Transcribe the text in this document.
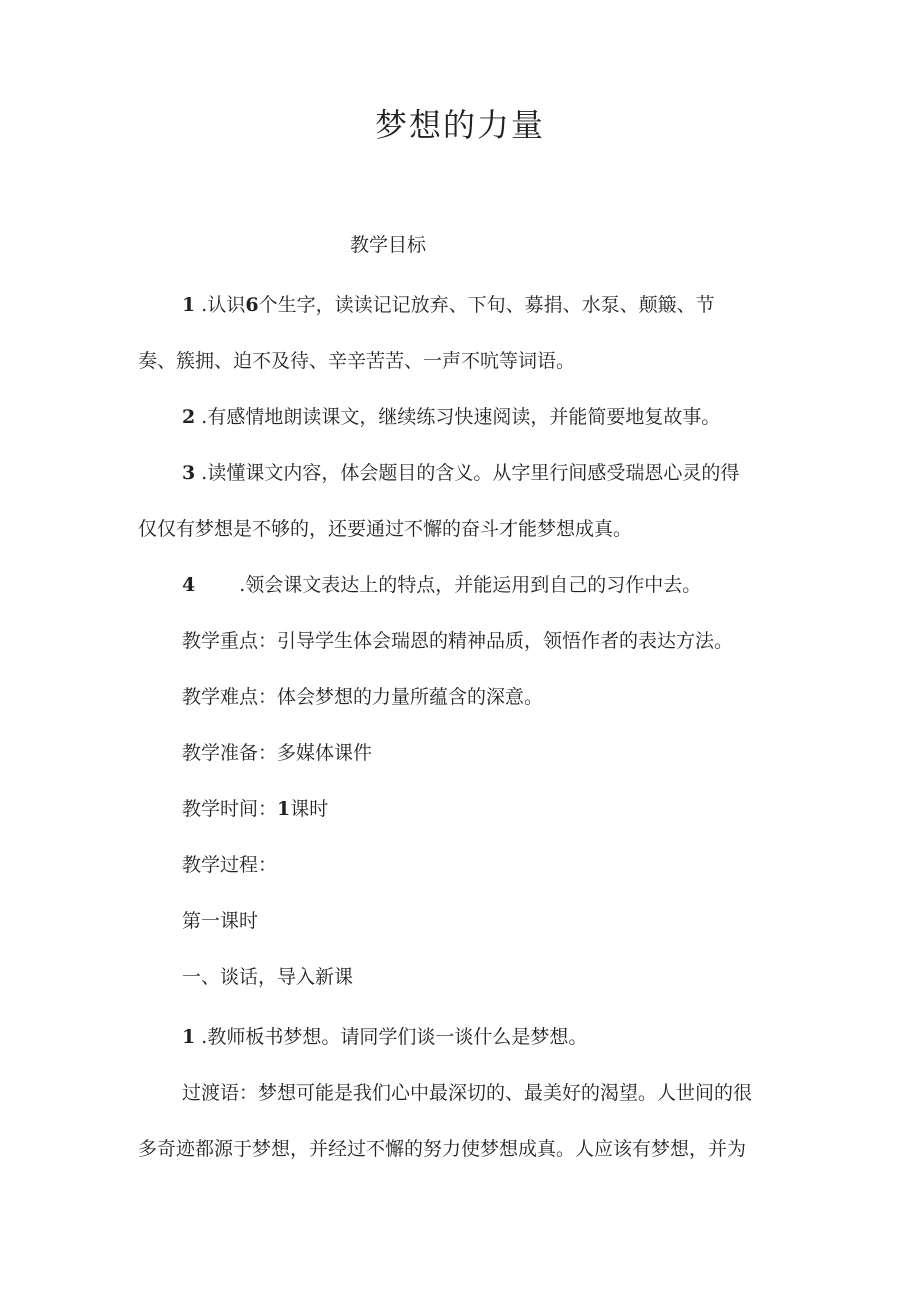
梦想的力量
教学目标
1 .认识6个生字，读读记记放弃、下旬、募捐、水泵、颠簸、节
奏、簇拥、迫不及待、辛辛苦苦、一声不吭等词语。
2 .有感情地朗读课文，继续练习快速阅读，并能简要地复故事。
3 .读懂课文内容，体会题目的含义。从字里行间感受瑞恩心灵的得
仅仅有梦想是不够的，还要通过不懈的奋斗才能梦想成真。
4 .领会课文表达上的特点，并能运用到自己的习作中去。
教学重点：引导学生体会瑞恩的精神品质，领悟作者的表达方法。
教学难点：体会梦想的力量所蕴含的深意。
教学准备：多媒体课件
教学时间：1课时
教学过程：
第一课时
一、谈话，导入新课
1 .教师板书梦想。请同学们谈一谈什么是梦想。
过渡语：梦想可能是我们心中最深切的、最美好的渴望。人世间的很
多奇迹都源于梦想，并经过不懈的努力使梦想成真。人应该有梦想，并为
